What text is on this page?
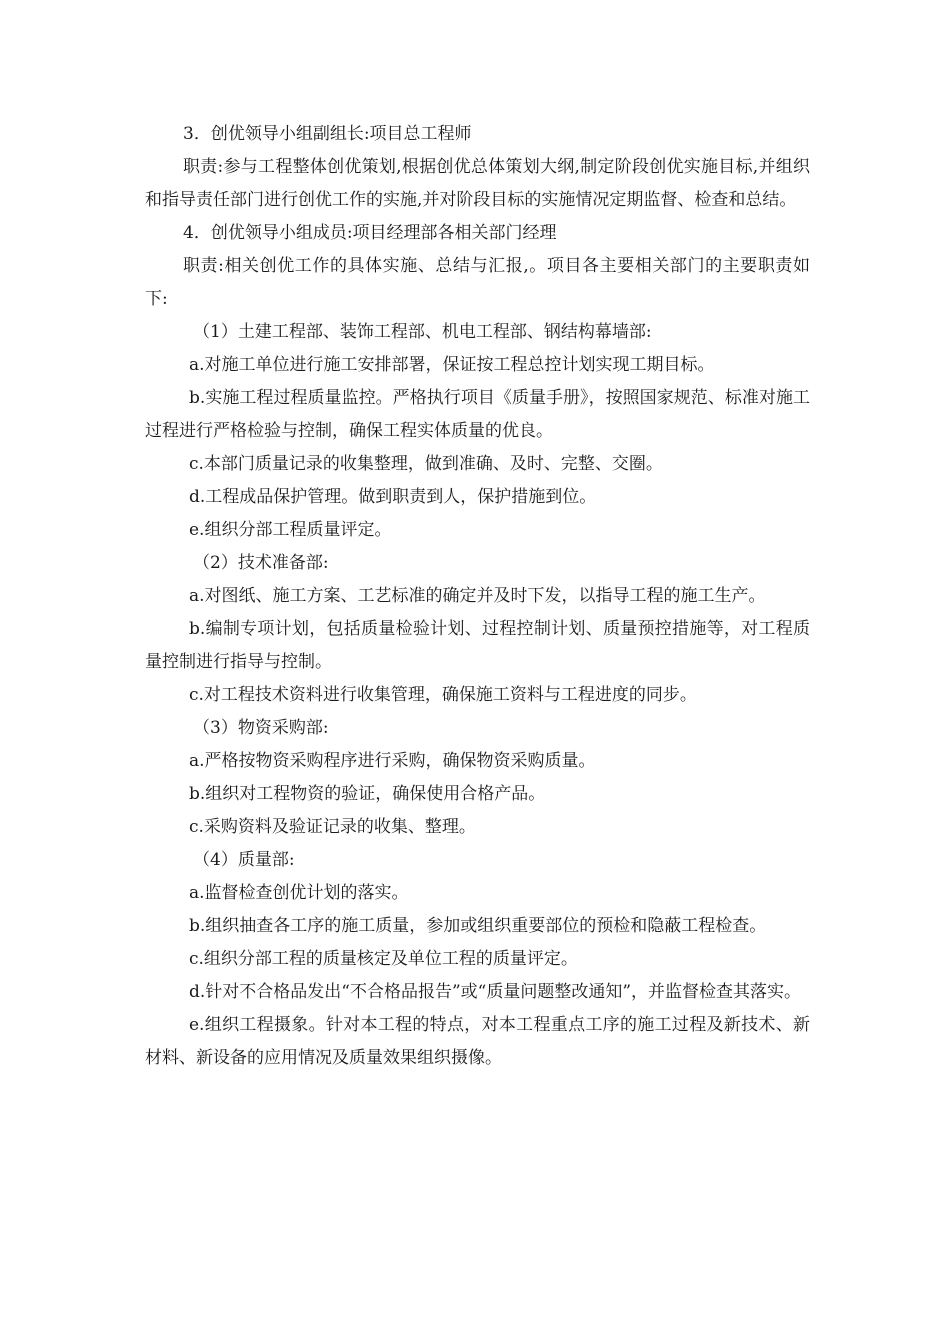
3．创优领导小组副组长:项目总工程师

职责:参与工程整体创优策划,根据创优总体策划大纲,制定阶段创优实施目标,并组织和指导责任部门进行创优工作的实施,并对阶段目标的实施情况定期监督、检查和总结。

4．创优领导小组成员:项目经理部各相关部门经理

职责:相关创优工作的具体实施、总结与汇报,。项目各主要相关部门的主要职责如下:

（1）土建工程部、装饰工程部、机电工程部、钢结构幕墙部:

a.对施工单位进行施工安排部署，保证按工程总控计划实现工期目标。

b.实施工程过程质量监控。严格执行项目《质量手册》，按照国家规范、标准对施工过程进行严格检验与控制，确保工程实体质量的优良。

c.本部门质量记录的收集整理，做到准确、及时、完整、交圈。

d.工程成品保护管理。做到职责到人，保护措施到位。

e.组织分部工程质量评定。

（2）技术准备部:

a.对图纸、施工方案、工艺标准的确定并及时下发，以指导工程的施工生产。

b.编制专项计划，包括质量检验计划、过程控制计划、质量预控措施等，对工程质量控制进行指导与控制。

c.对工程技术资料进行收集管理，确保施工资料与工程进度的同步。

（3）物资采购部:

a.严格按物资采购程序进行采购，确保物资采购质量。

b.组织对工程物资的验证，确保使用合格产品。

c.采购资料及验证记录的收集、整理。

（4）质量部:

a.监督检查创优计划的落实。

b.组织抽查各工序的施工质量，参加或组织重要部位的预检和隐蔽工程检查。

c.组织分部工程的质量核定及单位工程的质量评定。

d.针对不合格品发出“不合格品报告”或“质量问题整改通知”，并监督检查其落实。

e.组织工程摄象。针对本工程的特点，对本工程重点工序的施工过程及新技术、新材料、新设备的应用情况及质量效果组织摄像。
